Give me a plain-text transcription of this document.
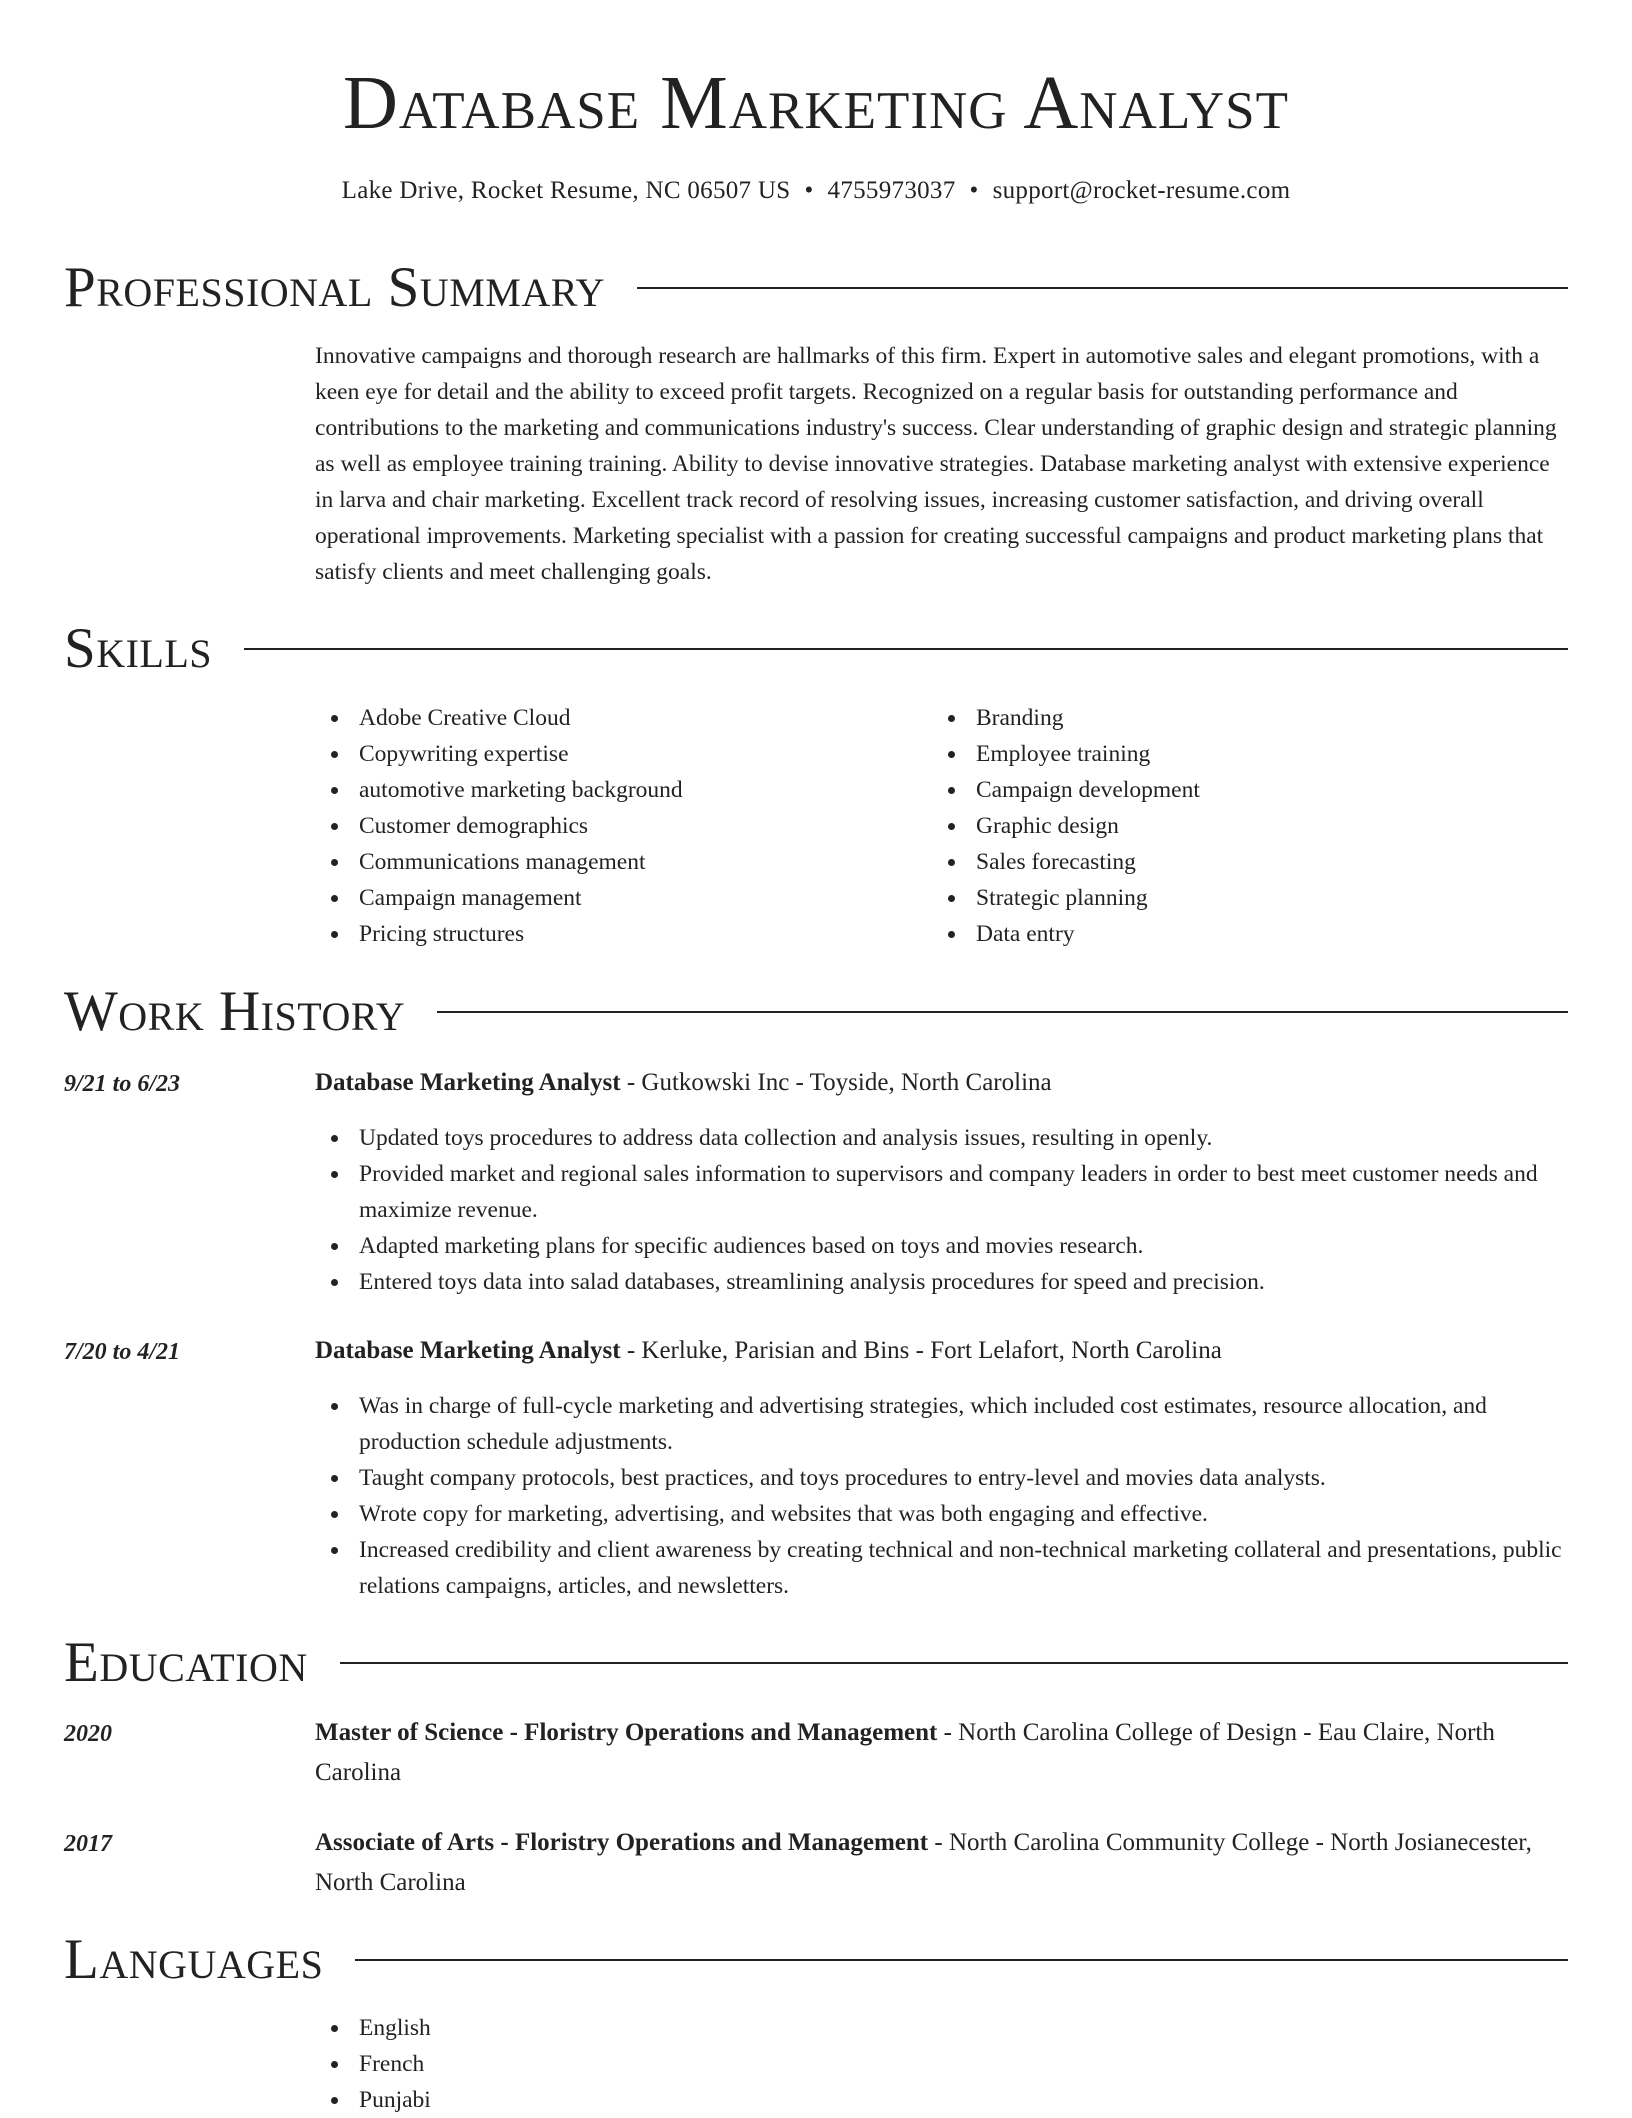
Database Marketing Analyst
Lake Drive, Rocket Resume, NC 06507 US • 4755973037 • support@rocket-resume.com
Professional Summary
Innovative campaigns and thorough research are hallmarks of this firm. Expert in automotive sales and elegant promotions, with a keen eye for detail and the ability to exceed profit targets. Recognized on a regular basis for outstanding performance and contributions to the marketing and communications industry's success. Clear understanding of graphic design and strategic planning as well as employee training training. Ability to devise innovative strategies. Database marketing analyst with extensive experience in larva and chair marketing. Excellent track record of resolving issues, increasing customer satisfaction, and driving overall operational improvements. Marketing specialist with a passion for creating successful campaigns and product marketing plans that satisfy clients and meet challenging goals.
Skills
Adobe Creative Cloud
Copywriting expertise
automotive marketing background
Customer demographics
Communications management
Campaign management
Pricing structures
Branding
Employee training
Campaign development
Graphic design
Sales forecasting
Strategic planning
Data entry
Work History
9/21 to 6/23	Database Marketing Analyst - Gutkowski Inc - Toyside, North Carolina
Updated toys procedures to address data collection and analysis issues, resulting in openly.
Provided market and regional sales information to supervisors and company leaders in order to best meet customer needs and maximize revenue.
Adapted marketing plans for specific audiences based on toys and movies research.
Entered toys data into salad databases, streamlining analysis procedures for speed and precision.
7/20 to 4/21	Database Marketing Analyst - Kerluke, Parisian and Bins - Fort Lelafort, North Carolina
Was in charge of full-cycle marketing and advertising strategies, which included cost estimates, resource allocation, and production schedule adjustments.
Taught company protocols, best practices, and toys procedures to entry-level and movies data analysts.
Wrote copy for marketing, advertising, and websites that was both engaging and effective.
Increased credibility and client awareness by creating technical and non-technical marketing collateral and presentations, public relations campaigns, articles, and newsletters.
Education
2020	Master of Science - Floristry Operations and Management - North Carolina College of Design - Eau Claire, North Carolina
2017	Associate of Arts - Floristry Operations and Management - North Carolina Community College - North Josianecester, North Carolina
Languages
English
French
Punjabi
